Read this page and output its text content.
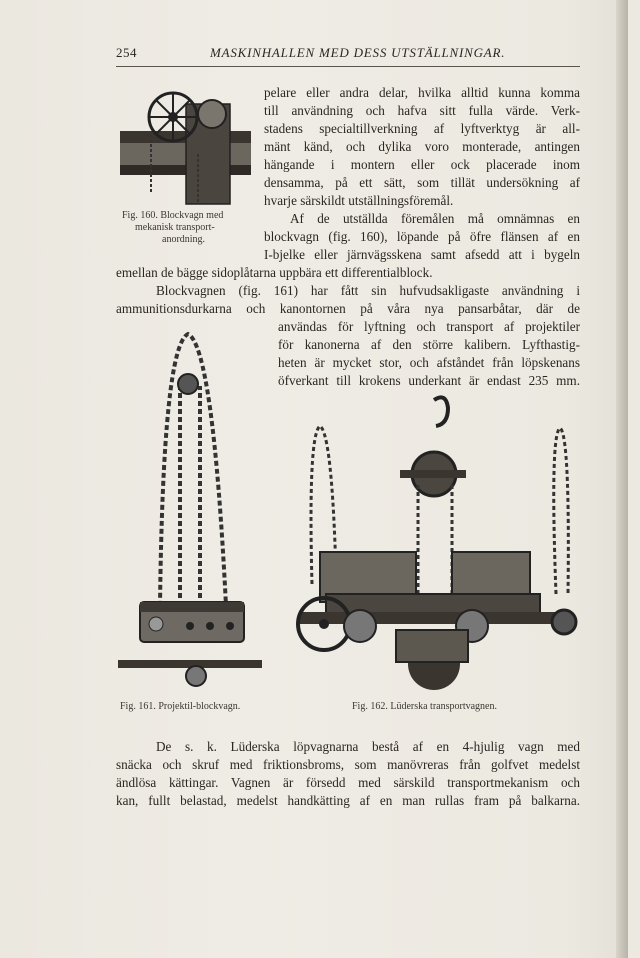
254	MASKINHALLEN MED DESS UTSTÄLLNINGAR.
Fig. 160. Blockvagn med
mekanisk transport-
anordning.
pelare eller andra delar, hvilka alltid kunna komma
till användning och hafva sitt fulla värde. Verk-
stadens specialtillverkning af lyftverktyg är all-
mänt känd, och dylika voro monterade, antingen
hängande i montern eller ock placerade inom
densamma, på ett sätt, som tillät undersökning af
hvarje särskildt utställningsföremål.
Af de utställda föremålen må omnämnas en
blockvagn (fig. 160), löpande på öfre flänsen af en
I-bjelke eller järnvägsskena samt afsedd att i bygeln
emellan de bägge sidoplåtarna uppbära ett differentialblock.
Blockvagnen (fig. 161) har fått sin hufvudsakligaste användning i
ammunitionsdurkarna och kanontornen på våra nya pansarbåtar, där de
användas för lyftning och transport af projektiler
för kanonerna af den större kalibern. Lyfthastig-
heten är mycket stor, och afståndet från löpskenans
öfverkant till krokens underkant är endast 235 mm.
Fig. 161. Projektil-blockvagn.	Fig. 162. Lüderska transportvagnen.
De s. k. Lüderska löpvagnarna bestå af en 4-hjulig vagn med
snäcka och skruf med friktionsbroms, som manövreras från golfvet medelst
ändlösa kättingar. Vagnen är försedd med särskild transportmekanism och
kan, fullt belastad, medelst handkätting af en man rullas fram på balkarna.
